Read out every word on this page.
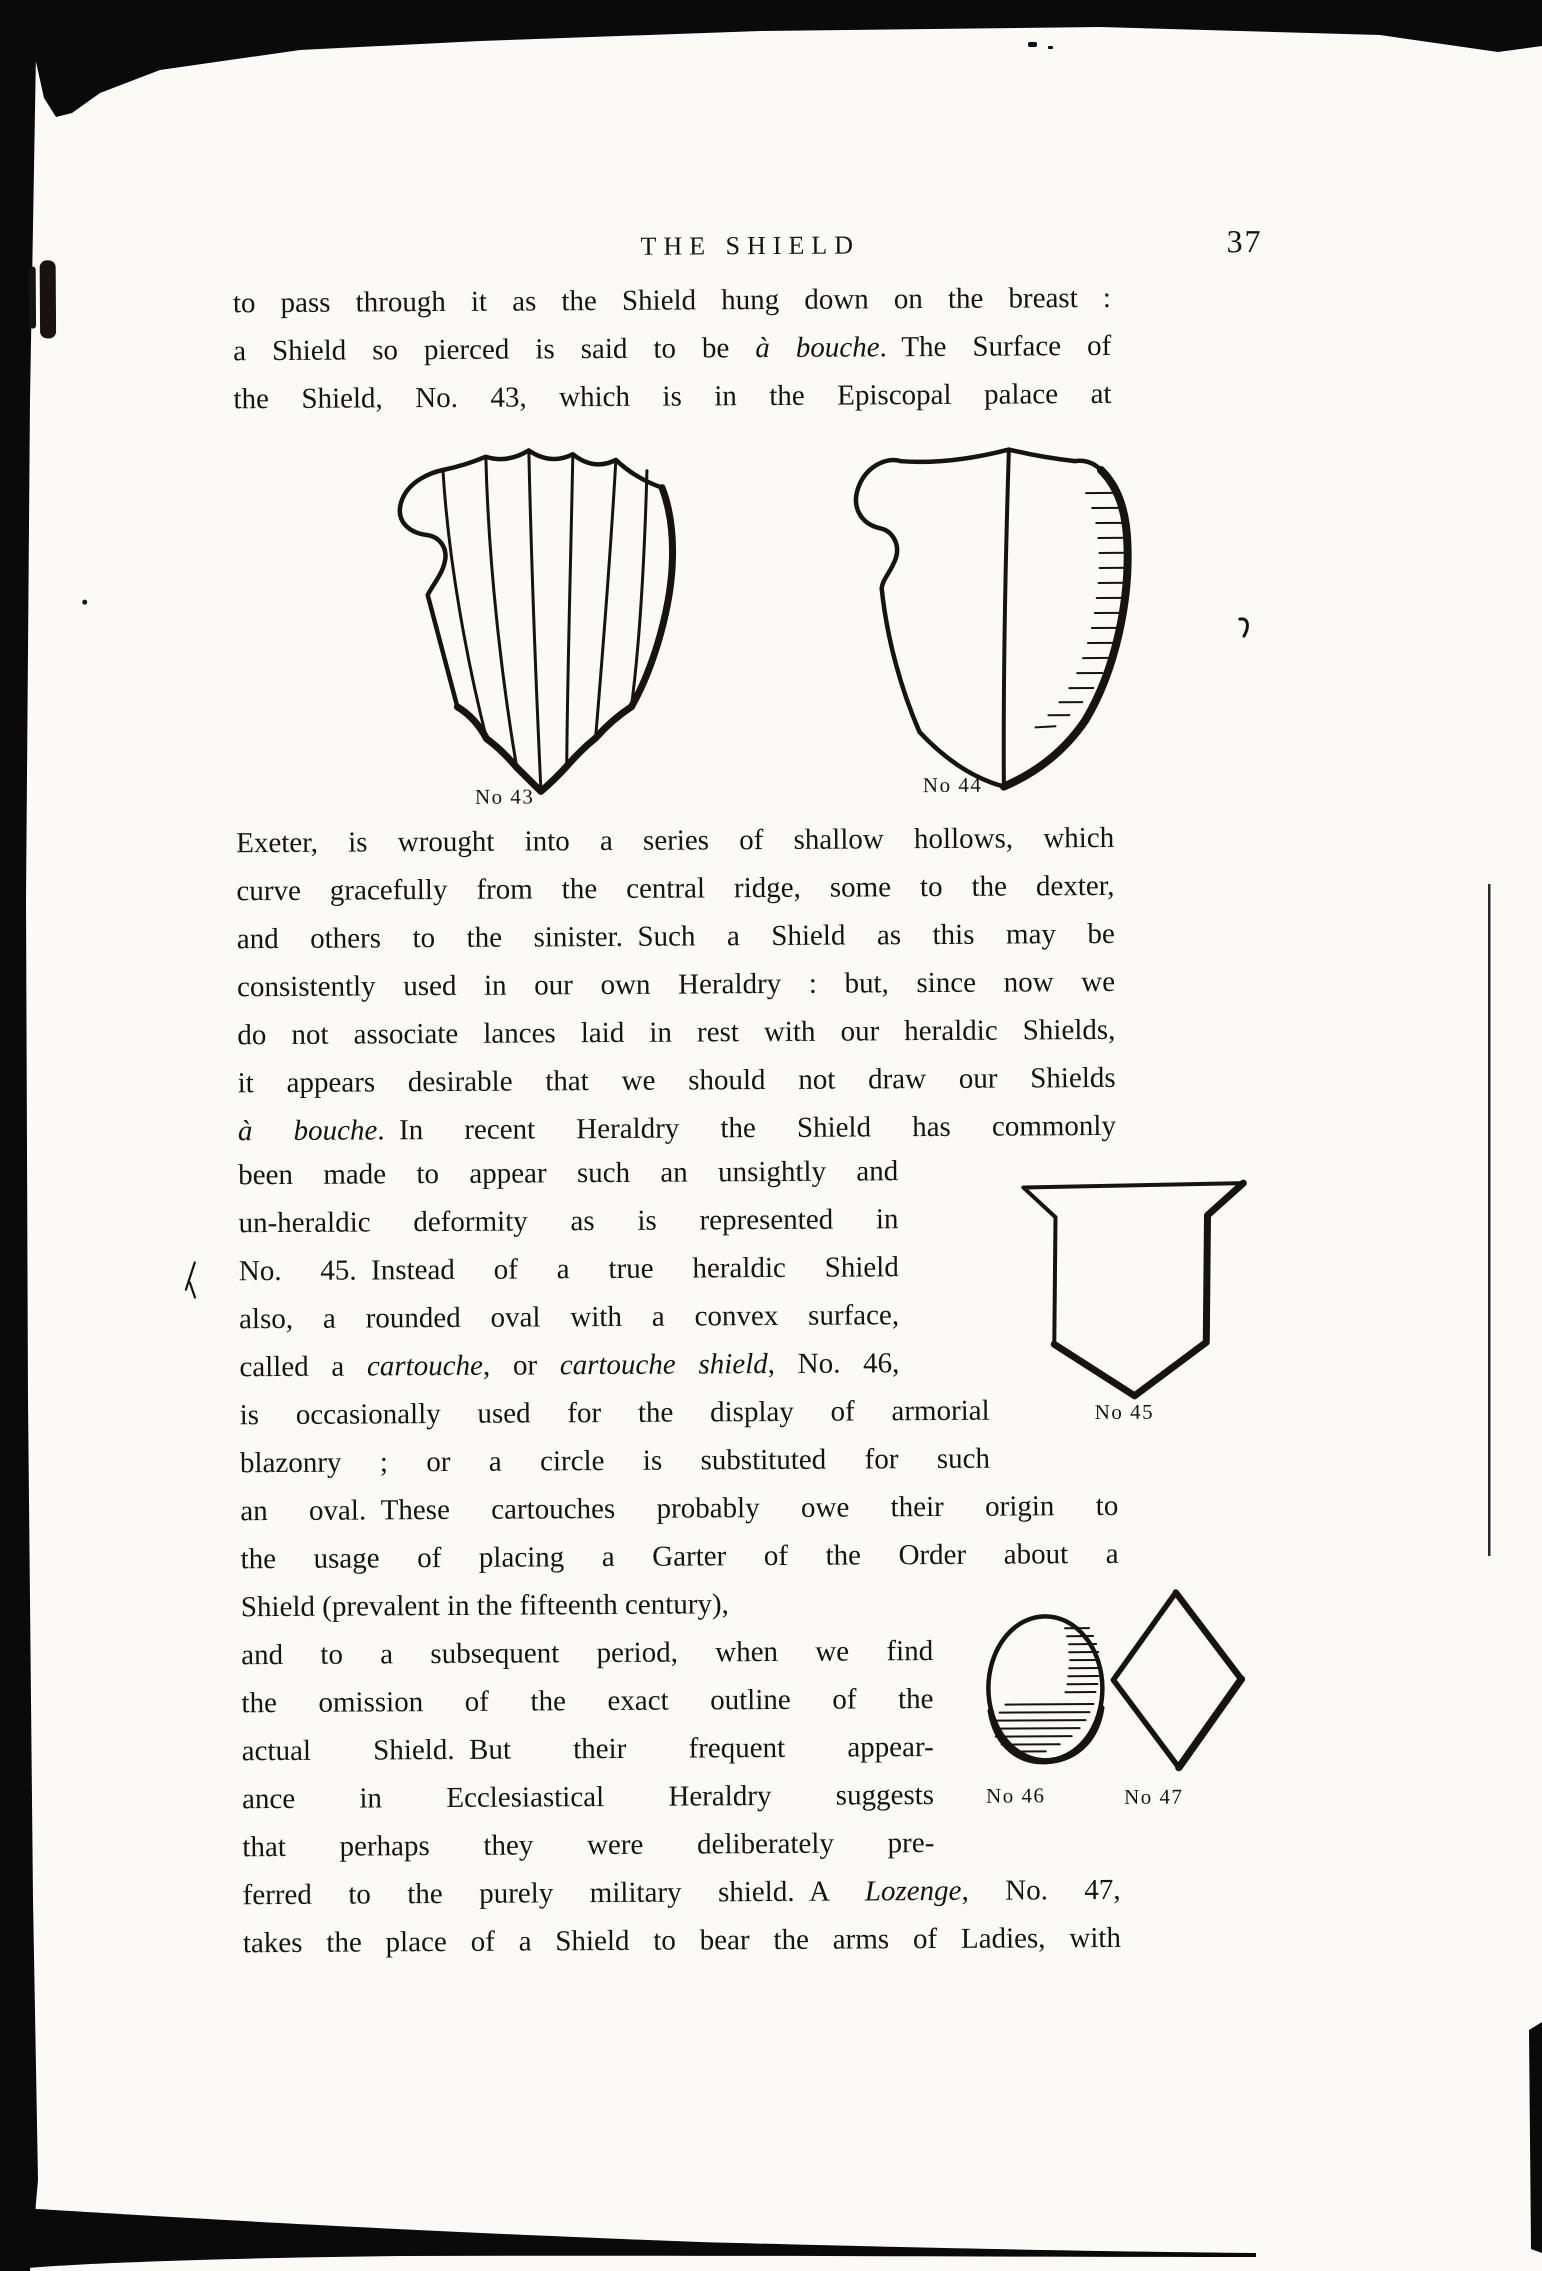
THE SHIELD	37
to pass through it as the Shield hung down on the breast :
a Shield so pierced is said to be à bouche. The Surface of
the Shield, No. 43, which is in the Episcopal palace at
Exeter, is wrought into a series of shallow hollows, which
curve gracefully from the central ridge, some to the dexter,
and others to the sinister. Such a Shield as this may be
consistently used in our own Heraldry : but, since now we
do not associate lances laid in rest with our heraldic Shields,
it appears desirable that we should not draw our Shields
à bouche. In recent Heraldry the Shield has commonly
been made to appear such an unsightly and
un-heraldic deformity as is represented in
No. 45. Instead of a true heraldic Shield
also, a rounded oval with a convex surface,
called a cartouche, or cartouche shield, No. 46,
is occasionally used for the display of armorial
blazonry ; or a circle is substituted for such
an oval. These cartouches probably owe their origin to
the usage of placing a Garter of the Order about a
Shield (prevalent in the fifteenth century),
and to a subsequent period, when we find
the omission of the exact outline of the
actual Shield. But their frequent appear-
ance in Ecclesiastical Heraldry suggests
that perhaps they were deliberately pre-
ferred to the purely military shield. A Lozenge, No. 47,
takes the place of a Shield to bear the arms of Ladies, with
No 43	No 44
No 45
No 46	No 47
